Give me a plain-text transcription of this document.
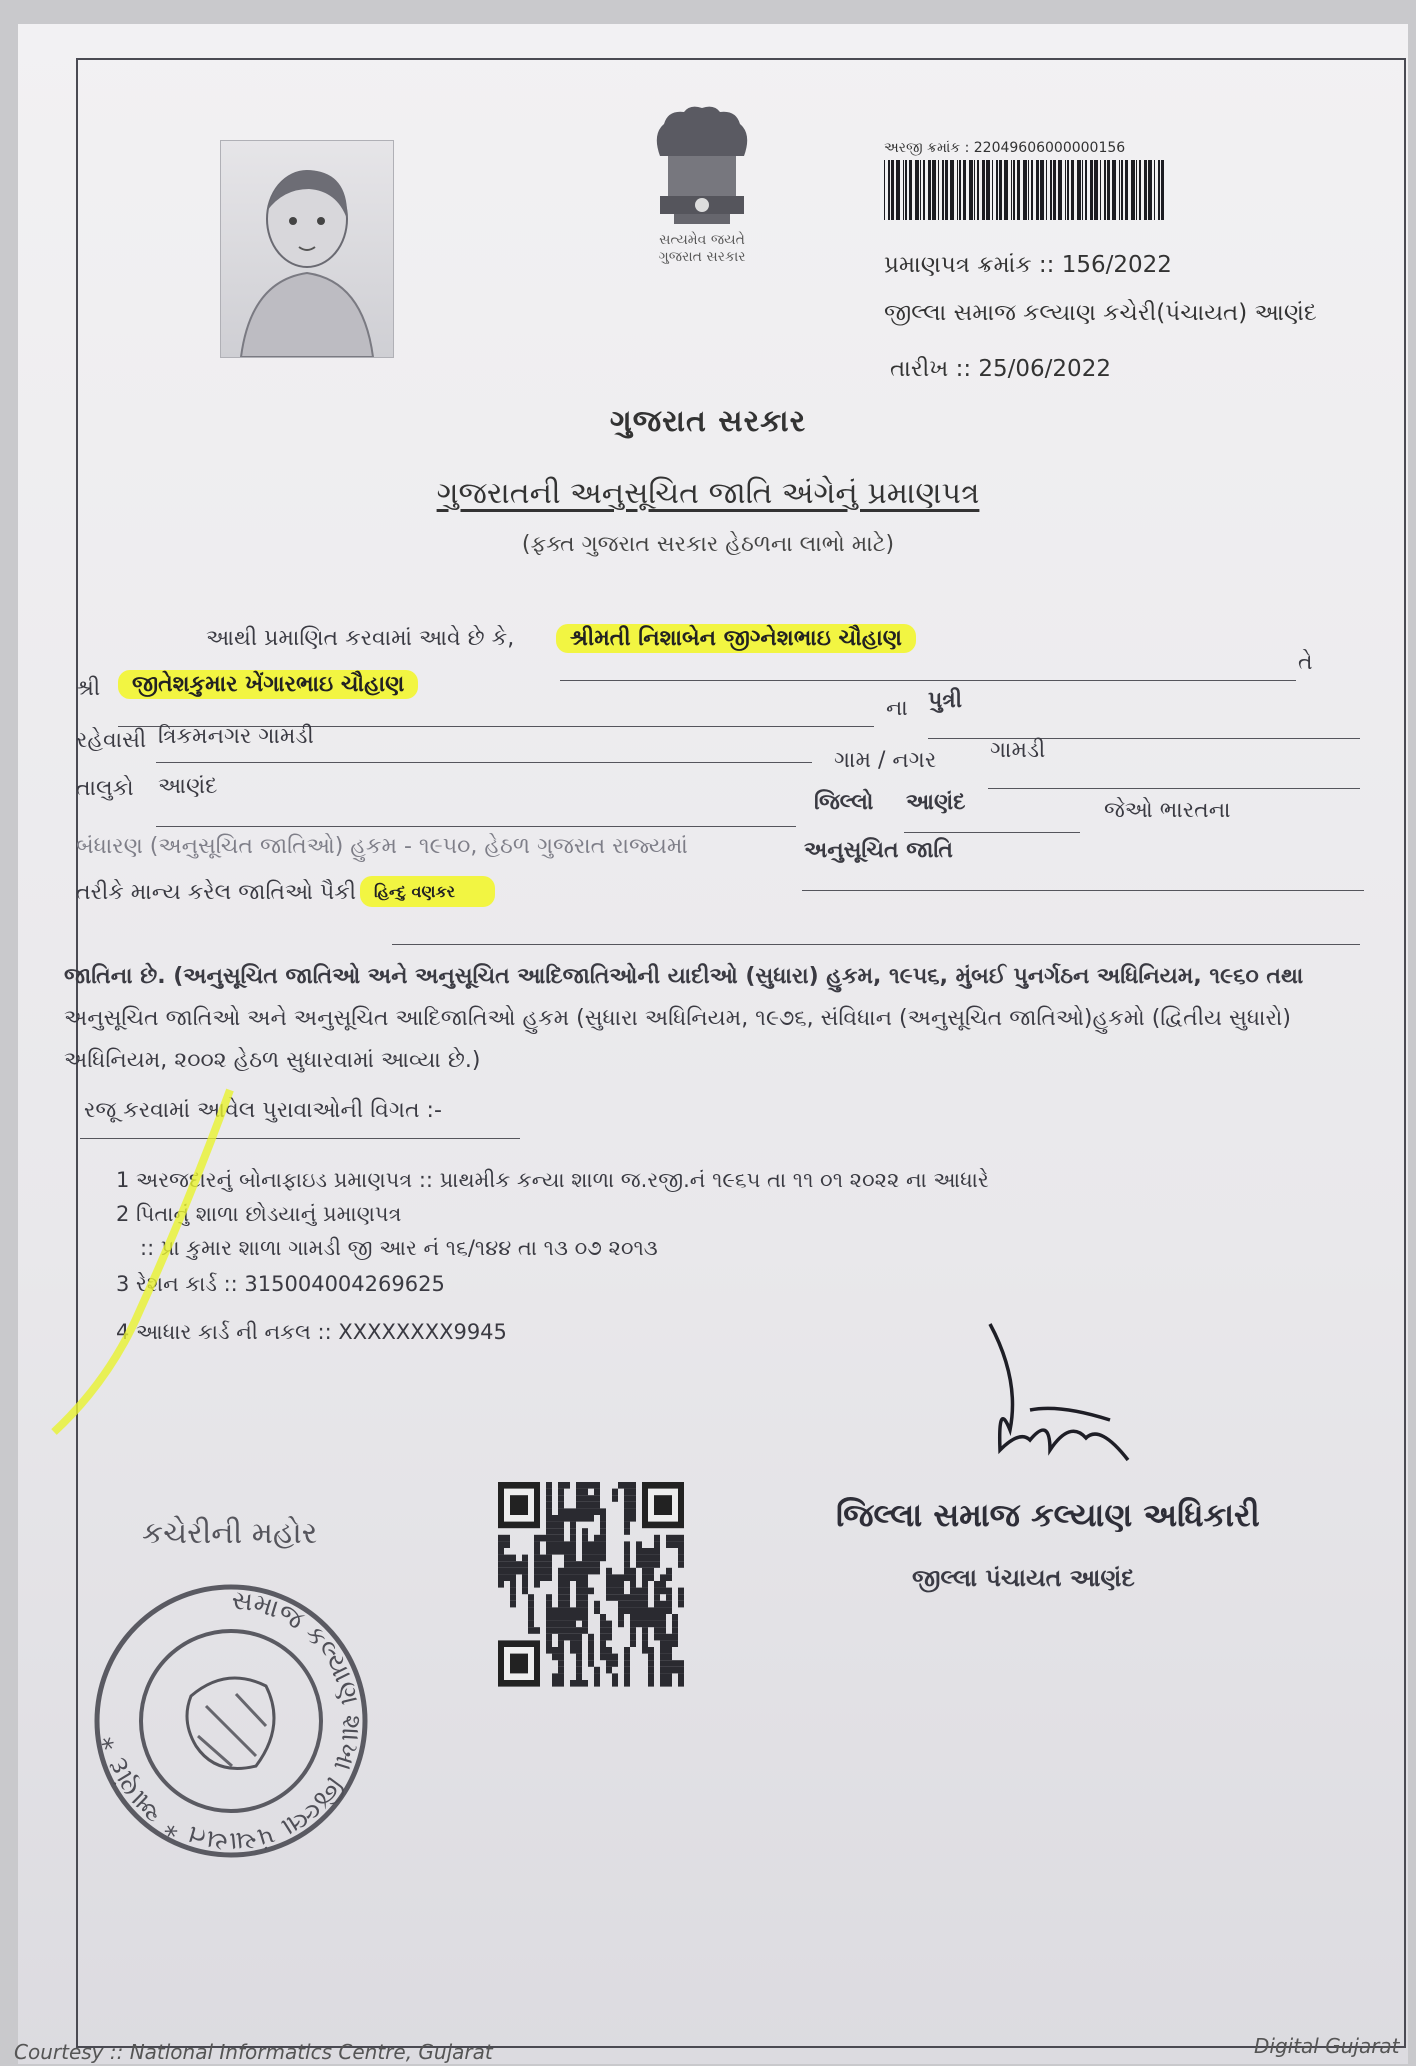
સત્યમેવ જયતે
ગુજરાત સરકાર
અરજી ક્રમાંક : 22049606000000156
પ્રમાણપત્ર ક્રમાંક :: 156/2022
જીલ્લા સમાજ કલ્યાણ કચેરી(પંચાયત) આણંદ
તારીખ :: 25/06/2022
ગુજરાત સરકાર
ગુજરાતની અનુસૂચિત જાતિ અંગેનું પ્રમાણપત્ર
(ફક્ત ગુજરાત સરકાર હેઠળના લાભો માટે)
આથી પ્રમાણિત કરવામાં આવે છે કે,	શ્રીમતી નિશાબેન જીગ્નેશભાઇ ચૌહાણ
તે
શ્રી	જીતેશકુમાર ખેંગારભાઇ ચૌહાણ
ના પુત્રી
રહેવાસી ત્રિકમનગર ગામડી
ગામ / નગર ગામડી
તાલુકો આણંદ
જિલ્લો આણંદ	જેઓ ભારતના
બંધારણ (અનુસૂચિત જાતિઓ) હુકમ - ૧૯૫૦, હેઠળ ગુજરાત રાજ્યમાં	અનુસૂચિત જાતિ
તરીકે માન્ય કરેલ જાતિઓ પૈકી	હિન્દુ વણકર
જાતિના છે. (અનુસૂચિત જાતિઓ અને અનુસૂચિત આદિજાતિઓની યાદીઓ (સુધારા) હુકમ, ૧૯૫૬, મુંબઈ પુનર્ગઠન અધિનિયમ, ૧૯૬૦ તથા
અનુસૂચિત જાતિઓ અને અનુસૂચિત આદિજાતિઓ હુકમ (સુધારા અધિનિયમ, ૧૯૭૬, સંવિધાન (અનુસૂચિત જાતિઓ)હુકમો (દ્વિતીય સુધારો)
અધિનિયમ, ૨૦૦૨ હેઠળ સુધારવામાં આવ્યા છે.)
રજૂ કરવામાં આવેલ પુરાવાઓની વિગત :-
1 અરજદારનું બોનાફાઇડ પ્રમાણપત્ર :: પ્રાથમીક કન્યા શાળા જ.રજી.નં ૧૯૬૫ તા ૧૧ ૦૧ ૨૦૨૨ ના આધારે
2 પિતાનું શાળા છોડયાનું પ્રમાણપત્ર
:: પ્રા કુમાર શાળા ગામડી જી આર નં ૧૬/૧૪૪ તા ૧૩ ૦૭ ૨૦૧૩
3 રેશન કાર્ડ :: 315004004269625
4 આધાર કાર્ડ ની નકલ :: XXXXXXXX9945
જિલ્લા સમાજ કલ્યાણ અધિકારી
જીલ્લા પંચાયત આણંદ
કચેરીની મહોર
સમાજ કલ્યાણ શાખા જિલ્લા પંચાયત * આણંદ *
Courtesy :: National Informatics Centre, Gujarat	Digital Gujarat
